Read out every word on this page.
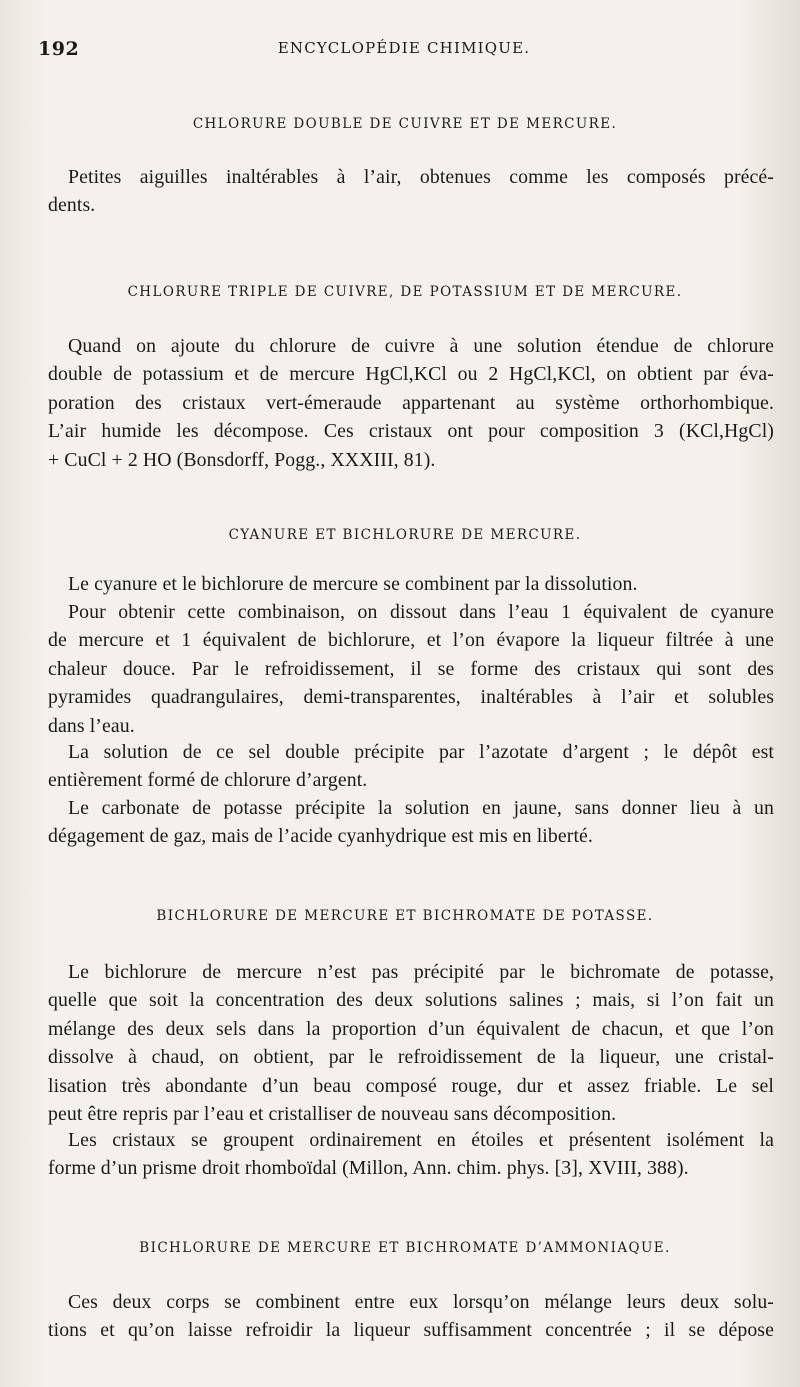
192	ENCYCLOPÉDIE CHIMIQUE.
CHLORURE DOUBLE DE CUIVRE ET DE MERCURE.
Petites aiguilles inaltérables à l’air, obtenues comme les composés précé-
dents.
CHLORURE TRIPLE DE CUIVRE, DE POTASSIUM ET DE MERCURE.
Quand on ajoute du chlorure de cuivre à une solution étendue de chlorure
double de potassium et de mercure HgCl,KCl ou 2 HgCl,KCl, on obtient par éva-
poration des cristaux vert-émeraude appartenant au système orthorhombique.
L’air humide les décompose. Ces cristaux ont pour composition 3 (KCl,HgCl)
+ CuCl + 2 HO (Bonsdorff, Pogg., XXXIII, 81).
CYANURE ET BICHLORURE DE MERCURE.
Le cyanure et le bichlorure de mercure se combinent par la dissolution.
Pour obtenir cette combinaison, on dissout dans l’eau 1 équivalent de cyanure
de mercure et 1 équivalent de bichlorure, et l’on évapore la liqueur filtrée à une
chaleur douce. Par le refroidissement, il se forme des cristaux qui sont des
pyramides quadrangulaires, demi-transparentes, inaltérables à l’air et solubles
dans l’eau.
La solution de ce sel double précipite par l’azotate d’argent ; le dépôt est
entièrement formé de chlorure d’argent.
Le carbonate de potasse précipite la solution en jaune, sans donner lieu à un
dégagement de gaz, mais de l’acide cyanhydrique est mis en liberté.
BICHLORURE DE MERCURE ET BICHROMATE DE POTASSE.
Le bichlorure de mercure n’est pas précipité par le bichromate de potasse,
quelle que soit la concentration des deux solutions salines ; mais, si l’on fait un
mélange des deux sels dans la proportion d’un équivalent de chacun, et que l’on
dissolve à chaud, on obtient, par le refroidissement de la liqueur, une cristal-
lisation très abondante d’un beau composé rouge, dur et assez friable. Le sel
peut être repris par l’eau et cristalliser de nouveau sans décomposition.
Les cristaux se groupent ordinairement en étoiles et présentent isolément la
forme d’un prisme droit rhomboïdal (Millon, Ann. chim. phys. [3], XVIII, 388).
BICHLORURE DE MERCURE ET BICHROMATE D’AMMONIAQUE.
Ces deux corps se combinent entre eux lorsqu’on mélange leurs deux solu-
tions et qu’on laisse refroidir la liqueur suffisamment concentrée ; il se dépose
